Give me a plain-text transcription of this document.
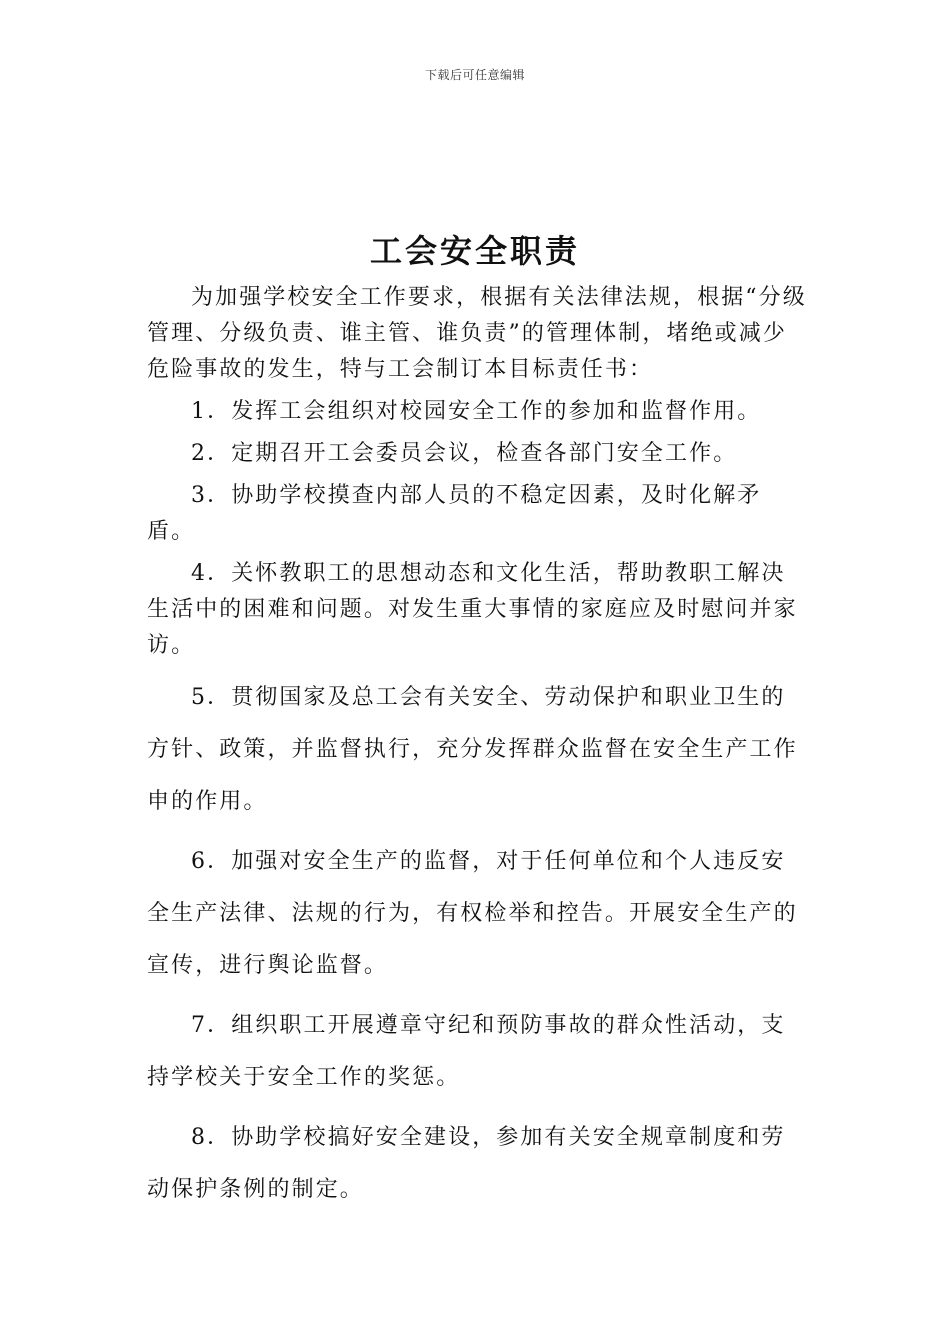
下载后可任意编辑
工会安全职责

为加强学校安全工作要求，根据有关法律法规，根据“分级管理、分级负责、谁主管、谁负责”的管理体制，堵绝或减少危险事故的发生，特与工会制订本目标责任书：

1．发挥工会组织对校园安全工作的参加和监督作用。

2．定期召开工会委员会议，检查各部门安全工作。

3．协助学校摸查内部人员的不稳定因素，及时化解矛盾。

4．关怀教职工的思想动态和文化生活，帮助教职工解决生活中的困难和问题。对发生重大事情的家庭应及时慰问并家访。

5．贯彻国家及总工会有关安全、劳动保护和职业卫生的方针、政策，并监督执行，充分发挥群众监督在安全生产工作申的作用。

6．加强对安全生产的监督，对于任何单位和个人违反安全生产法律、法规的行为，有权检举和控告。开展安全生产的宣传，进行舆论监督。

7．组织职工开展遵章守纪和预防事故的群众性活动，支持学校关于安全工作的奖惩。

8．协助学校搞好安全建设，参加有关安全规章制度和劳动保护条例的制定。
